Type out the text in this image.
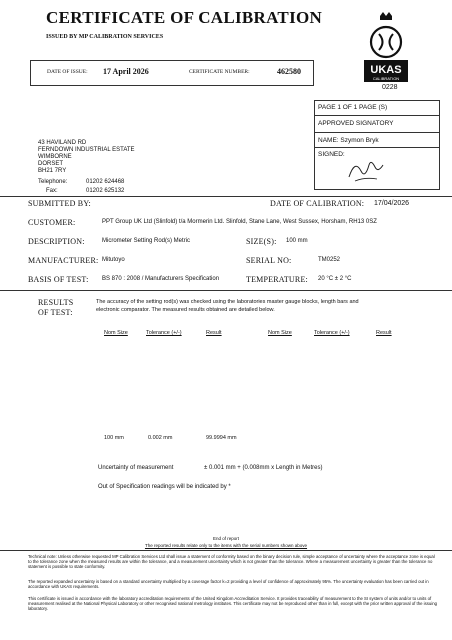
CERTIFICATE OF CALIBRATION
ISSUED BY MP CALIBRATION SERVICES
DATE OF ISSUE: 17 April 2026	CERTIFICATE NUMBER:	462580	UKAS
CALIBRATION
0228
43 HAVILAND RD
FERNDOWN INDUSTRIAL ESTATE
WIMBORNE
DORSET
BH21 7RY
Telephone:	01202 624468
Fax:	01202 625132
PAGE 1 OF 1 PAGE (S)
APPROVED SIGNATORY
NAME: Szymon Bryk
SIGNED:
SUBMITTED BY:	DATE OF CALIBRATION: 17/04/2026
CUSTOMER:	PPT Group UK Ltd (Slinfold) t/a Mormerin Ltd. Slinfold, Stane Lane, West Sussex, Horsham, RH13 0SZ
DESCRIPTION:	Micrometer Setting Rod(s) Metric	SIZE(S): 100 mm
MANUFACTURER: Mitutoyo	SERIAL NO:	TM0252
BASIS OF TEST: BS 870 : 2008 / Manufacturers Specification	TEMPERATURE: 20 °C ± 2 °C
RESULTS
OF TEST:
The accuracy of the setting rod(s) was checked using the laboratories master gauge blocks, length bars and
electronic comparator. The measured results obtained are detailed below.
Nom Size	Tolerance (+/-)	Result	Nom Size	Tolerance (+/-)	Result
100 mm	0.002 mm	99.9994 mm
Uncertainty of measurement	± 0.001 mm + (0.008mm x Length in Metres)
Out of Specification readings will be indicated by *
End of report
The reported results relate only to the items with the serial numbers shown above
Technical note: Unless otherwise requested MP Calibration Services Ltd shall issue a statement of conformity based on the binary decision rule, simple acceptance of uncertainty where the acceptance zone is equal to the tolerance zone when the measured results are within the tolerance, and a measurement uncertainty which is not greater than the tolerance. Where a measurement uncertainty is greater than the tolerance no statement is possible to state conformity.
The reported expanded uncertainty is based on a standard uncertainty multiplied by a coverage factor k=2 providing a level of confidence of approximately 95%. The uncertainty evaluation has been carried out in accordance with UKAS requirements.
This certificate is issued in accordance with the laboratory accreditation requirements of the United Kingdom Accreditation Service. It provides traceability of measurement to the SI system of units and/or to units of measurement realised at the National Physical Laboratory or other recognised national metrology institutes. This certificate may not be reproduced other than in full, except with the prior written approval of the issuing laboratory.
